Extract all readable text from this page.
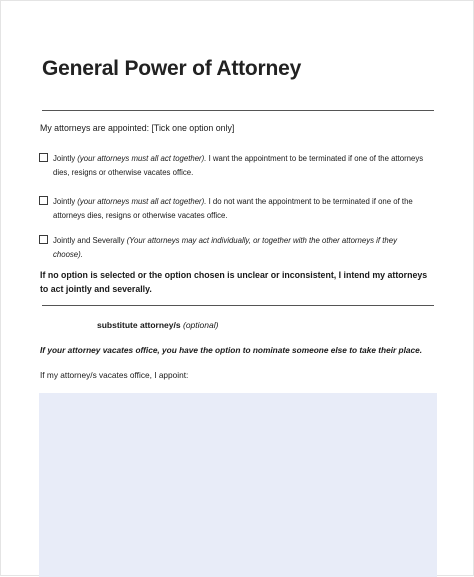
General Power of Attorney
My attorneys are appointed: [Tick one option only]
Jointly (your attorneys must all act together). I want the appointment to be terminated if one of the attorneys dies, resigns or otherwise vacates office.
Jointly (your attorneys must all act together). I do not want the appointment to be terminated if one of the attorneys dies, resigns or otherwise vacates office.
Jointly and Severally (Your attorneys may act individually, or together with the other attorneys if they choose).
If no option is selected or the option chosen is unclear or inconsistent, I intend my attorneys to act jointly and severally.
substitute attorney/s (optional)
If your attorney vacates office, you have the option to nominate someone else to take their place.
If my attorney/s vacates office, I appoint:
